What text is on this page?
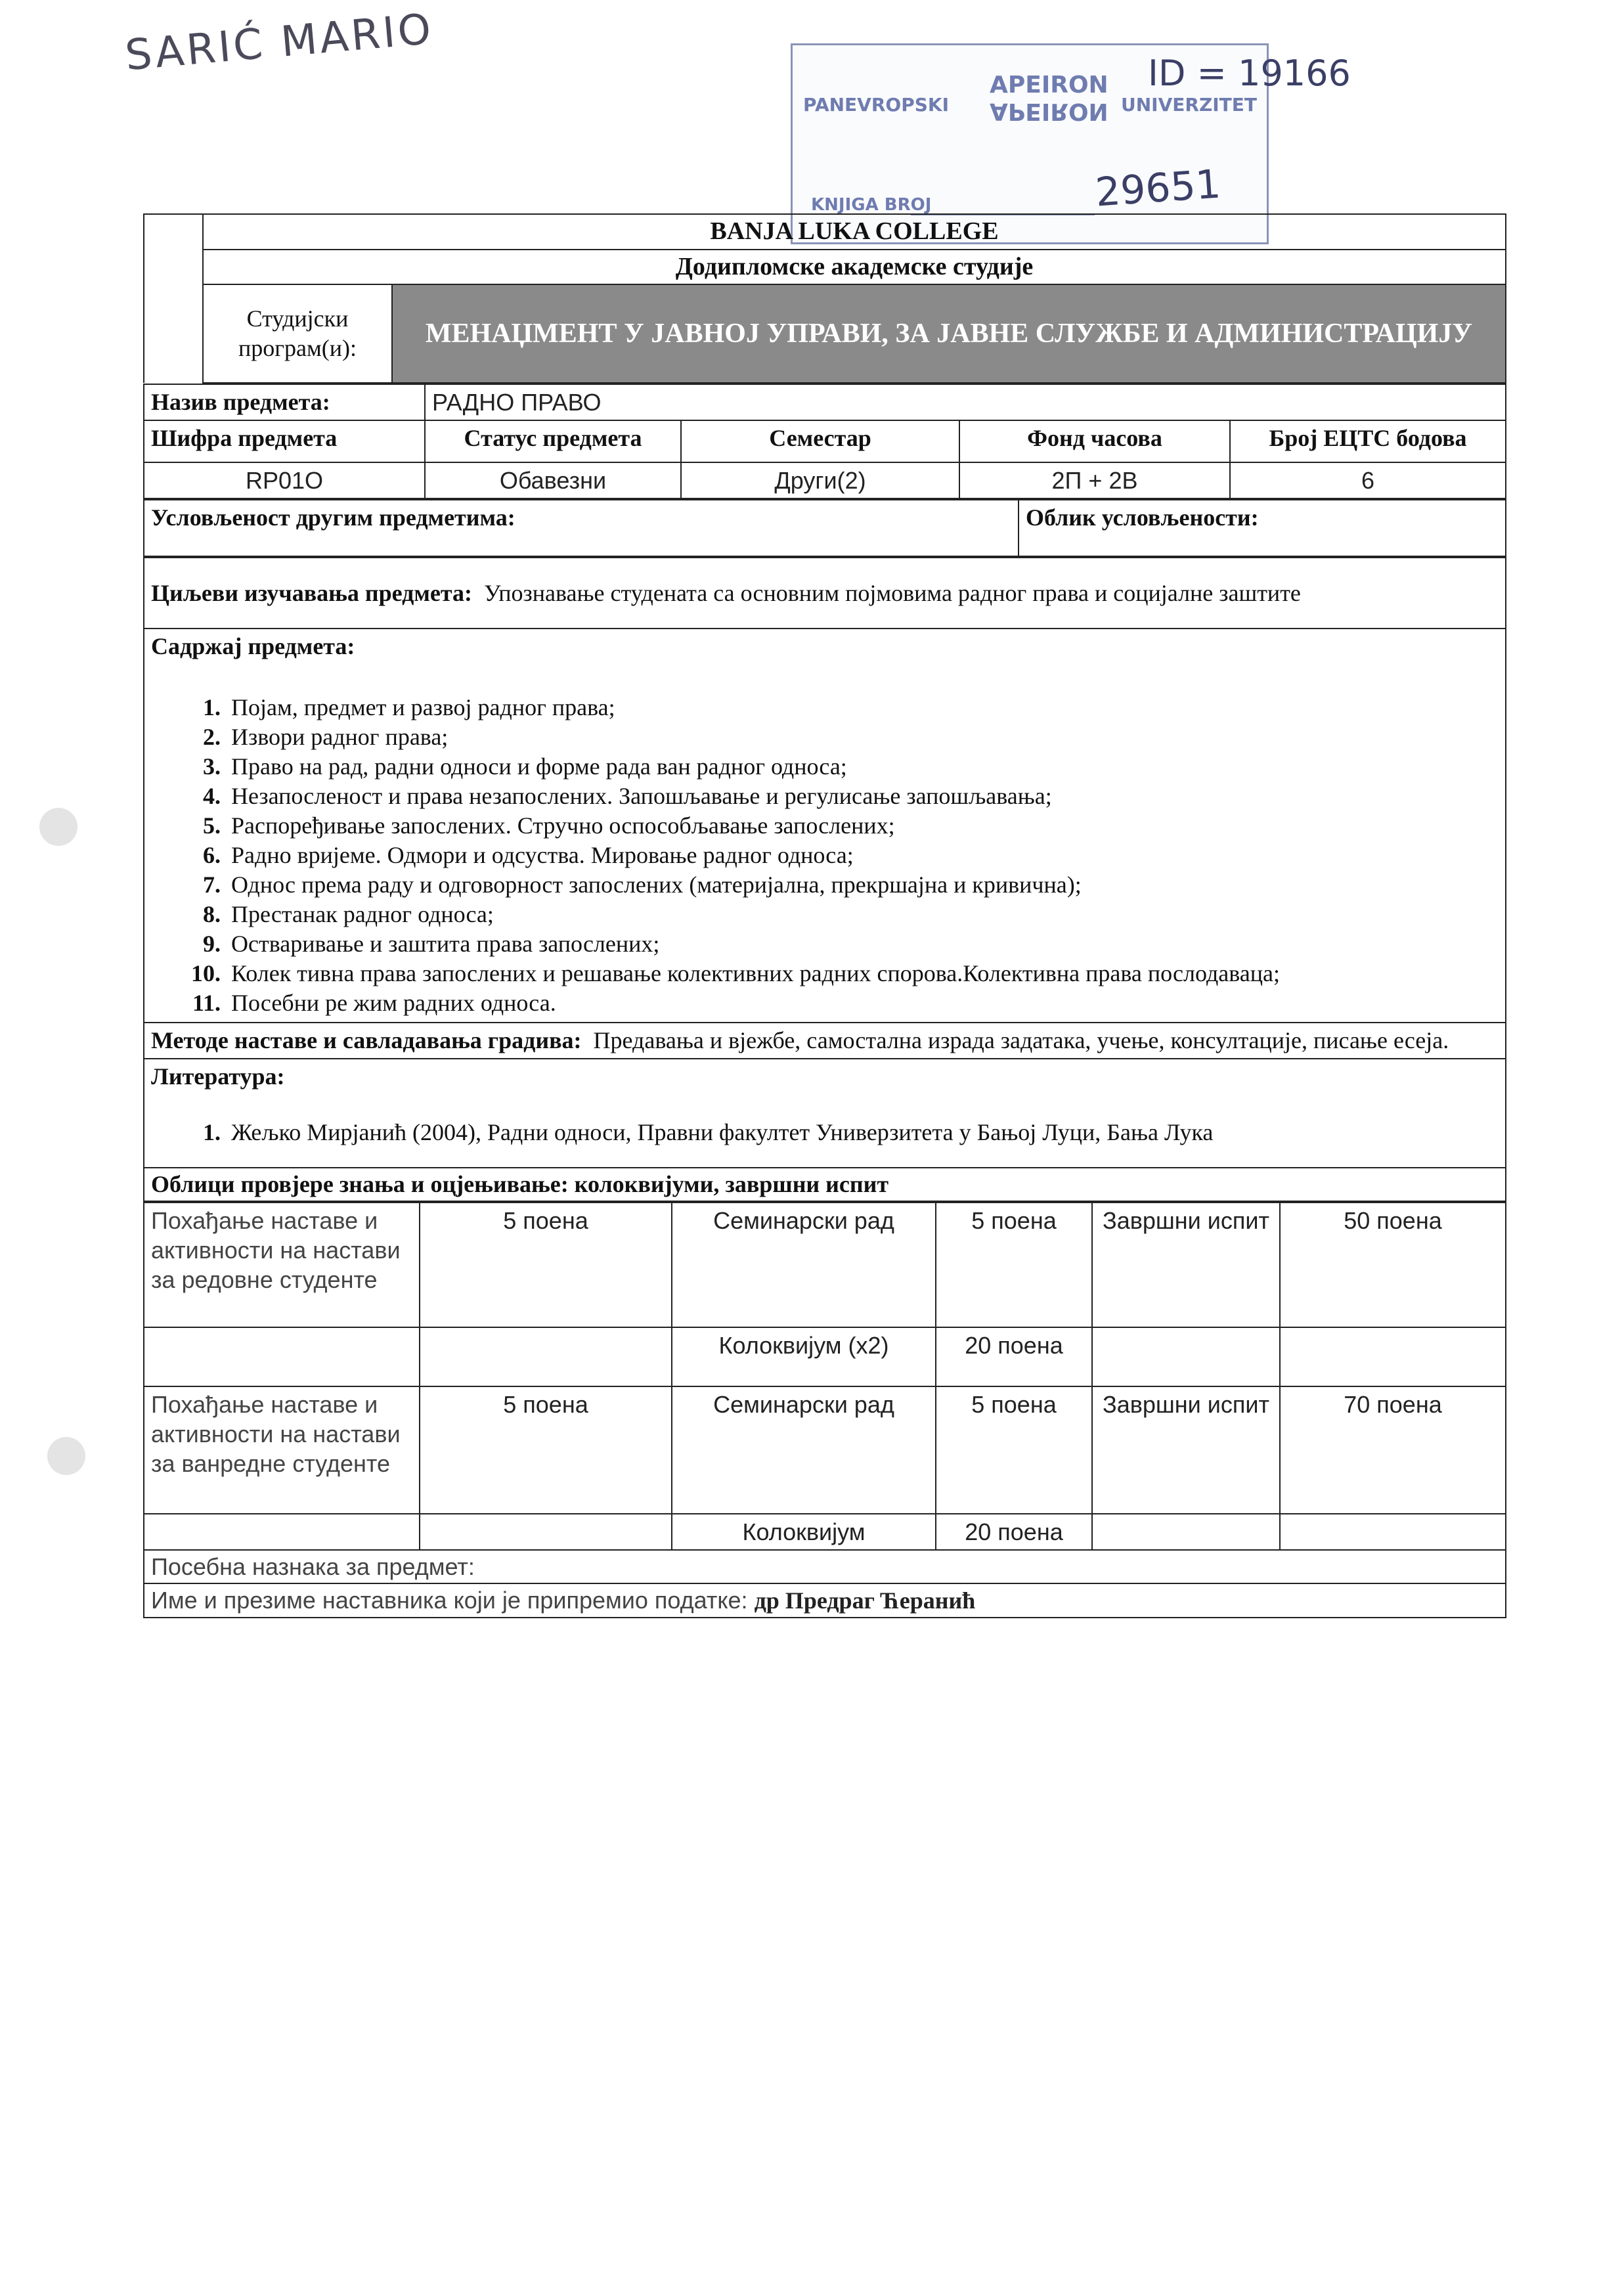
SARIĆ MARIO
PANEVROPSKI
APEIRON
APEIRON UNIVERZITET
KNJIGA BROJ
ID = 19166
29651
	BANJA LUKA COLLEGE	
	Додипломске академске студије	
	Студијски програм(и):	МЕНАЏМЕНТ У ЈАВНОЈ УПРАВИ, ЗА ЈАВНЕ СЛУЖБЕ И АДМИНИСТРАЦИЈУ
Назив предмета:	РАДНО ПРАВО			
Шифра предмета	Статус предмета	Семестар	Фонд часова	Број ЕЦТС бодова
RP01O	Обавезни	Други(2)	2П + 2В	6
Условљеност другим предметима:	Облик условљености:
Циљеви изучавања предмета: Упознавање студената са основним појмовима радног права и социјалне заштите

Садржај предмета:
1. Појам, предмет и развој радног права;
2. Извори радног права;
3. Право на рад, радни односи и форме рада ван радног односа;
4. Незапосленост и права незапослених. Запошљавање и регулисање запошљавања;
5. Распоређивање запослених. Стручно оспособљавање запослених;
6. Радно вријеме. Одмори и одсуства. Мировање радног односа;
7. Однос према раду и одговорност запослених (материјална, прекршајна и кривична);
8. Престанак радног односа;
9. Остваривање и заштита права запослених;
10. Колек тивна права запослених и решавање колективних радних спорова.Колективна права послодаваца;
11. Посебни ре жим радних односа.

Методе наставе и савладавања градива: Предавања и вјежбе, самостална израда задатака, учење, консултације, писање есеја.

Литература:
1. Жељко Мирјанић (2004), Радни односи, Правни факултет Универзитета у Бањој Луци, Бања Лука

Облици провјере знања и оцјењивање: колоквијуми, завршни испит
Похађање наставе и активности на настави за редовне студенте	5 поена	Семинарски рад	5 поена	Завршни испит	50 поена
		Колоквијум (x2)	20 поена		
Похађање наставе и активности на настави за ванредне студенте	5 поена	Семинарски рад	5 поена	Завршни испит	70 поена
		Колоквијум	20 поена		
Посебна назнака за предмет:					
Име и презиме наставника који је припремио податке: др Предраг Ћеранић					
